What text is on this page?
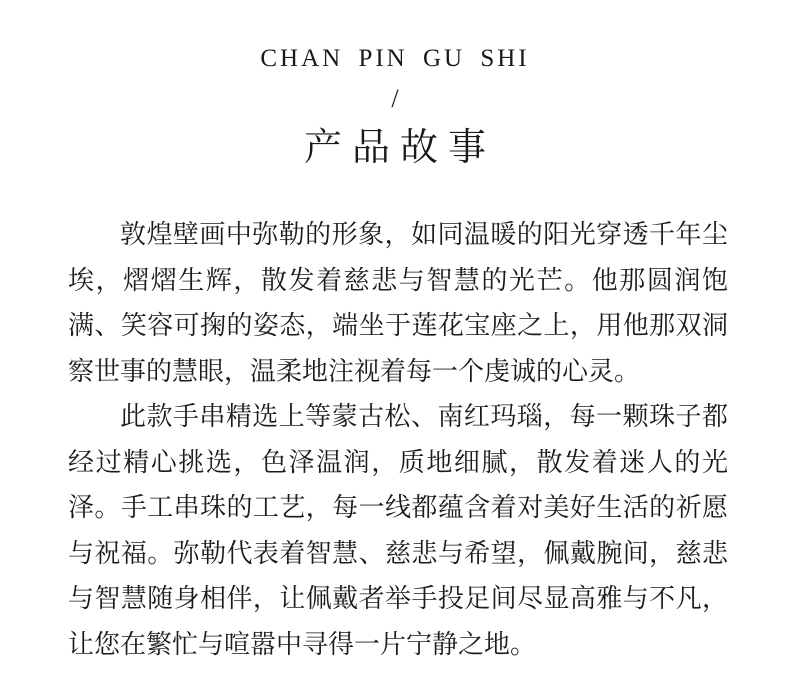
CHAN PIN GU SHI
/
产品故事

敦煌壁画中弥勒的形象，如同温暖的阳光穿透千年尘埃，熠熠生辉，散发着慈悲与智慧的光芒。他那圆润饱满、笑容可掬的姿态，端坐于莲花宝座之上，用他那双洞察世事的慧眼，温柔地注视着每一个虔诚的心灵。

此款手串精选上等蒙古松、南红玛瑙，每一颗珠子都经过精心挑选，色泽温润，质地细腻，散发着迷人的光泽。手工串珠的工艺，每一线都蕴含着对美好生活的祈愿与祝福。弥勒代表着智慧、慈悲与希望，佩戴腕间，慈悲与智慧随身相伴，让佩戴者举手投足间尽显高雅与不凡，让您在繁忙与喧嚣中寻得一片宁静之地。
